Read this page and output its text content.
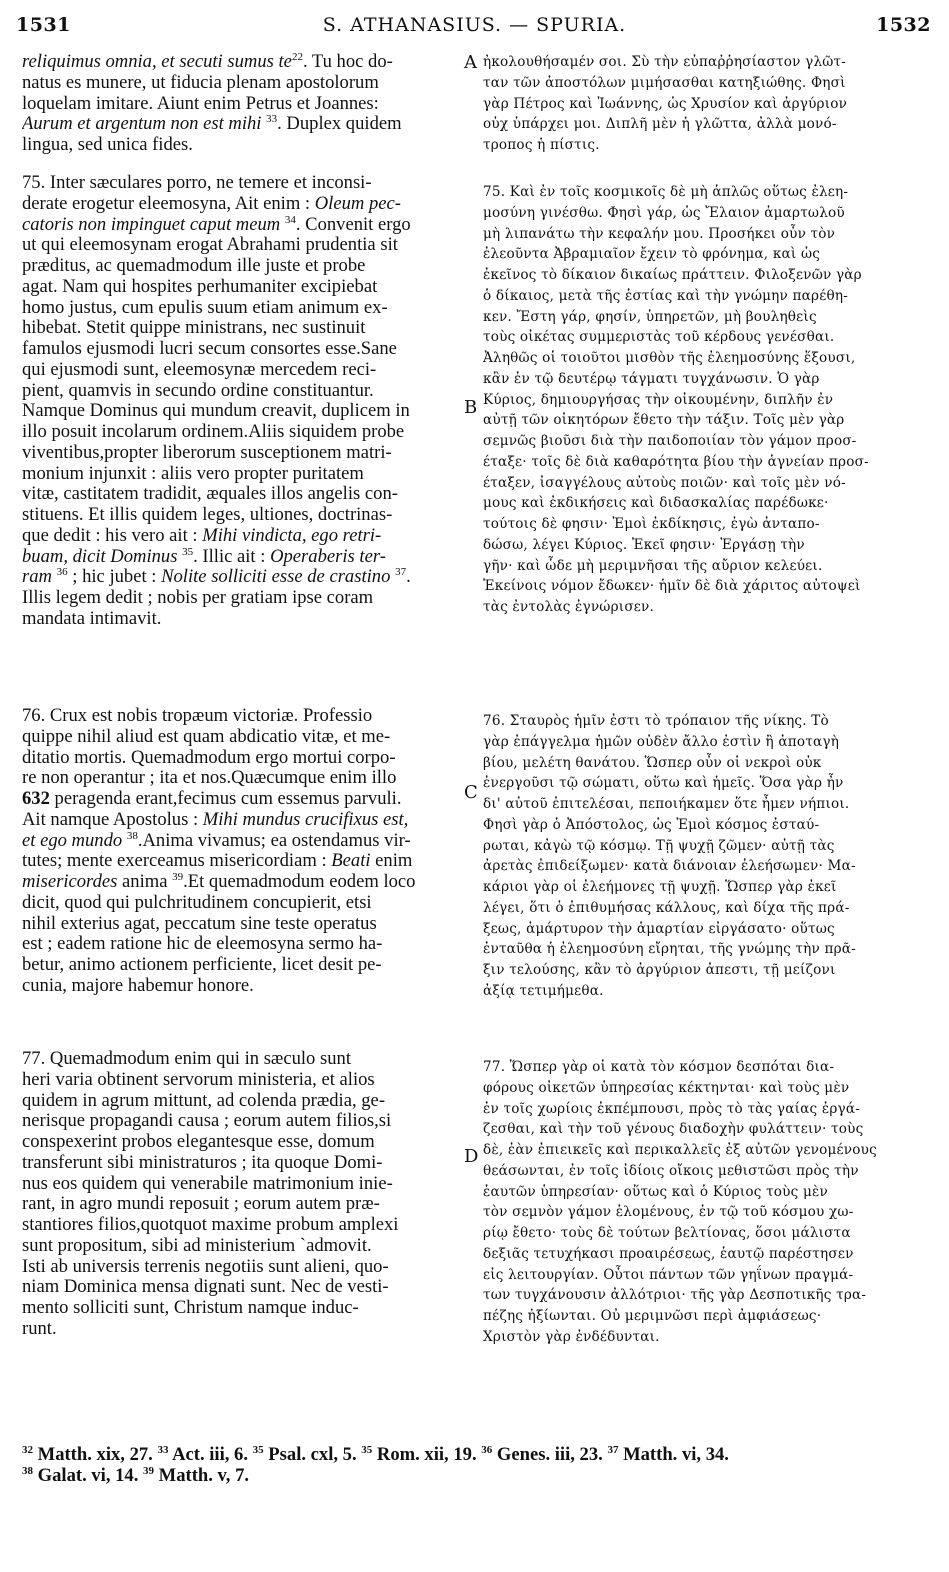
1531	S. ATHANASIUS. — SPURIA.	1532
reliquimus omnia, et secuti sumus $te^{22}$. Tu hoc do-
natus es munere, ut fiducia plenam apostolorum
loquelam imitare. Aiunt enim Petrus et Joannes:
Aurum et argentum non est mihi $^{33}$. Duplex quidem
lingua, sed unica fides.
ἠκολουθήσαμέν σοι. Σὺ τὴν εὐπαῤῥησίαστον γλῶτ-
ταν τῶν ἀποστόλων μιμήσασθαι κατηξιώθης. Φησὶ
γὰρ Πέτρος καὶ Ἰωάννης, ὡς Χρυσίον καὶ ἀργύριον
οὐχ ὑπάρχει μοι. Διπλῆ μὲν ἡ γλῶττα, ἀλλὰ μονό-
τροπος ἡ πίστις.
75. Inter sæculares porro, ne temere et inconsi-
derate erogetur eleemosyna, Ait enim : Oleum pec-
catoris non impinguet caput meum $^{34}$. Convenit ergo
ut qui eleemosynam erogat Abrahami prudentia sit
præditus, ac quemadmodum ille juste et probe
agat. Nam qui hospites perhumaniter excipiebat
homo justus, cum epulis suum etiam animum ex-
hibebat. Stetit quippe ministrans, nec sustinuit
famulos ejusmodi lucri secum consortes esse.Sane
qui ejusmodi sunt, eleemosynæ mercedem reci-
pient, quamvis in secundo ordine constituantur.
Namque Dominus qui mundum creavit, duplicem in
illo posuit incolarum ordinem.Aliis siquidem probe
viventibus,propter liberorum susceptionem matri-
monium injunxit : aliis vero propter puritatem
vitæ, castitatem tradidit, æquales illos angelis con-
stituens. Et illis quidem leges, ultiones, doctrinas-
que dedit : his vero ait : Mihi vindicta, ego retri-
buam, dicit Dominus $^{35}$. Illic ait : Operaberis ter-
ram $^{36}$ ; hic jubet : Nolite solliciti esse de crastino $^{37}$.
Illis legem dedit ; nobis per gratiam ipse coram
mandata intimavit.
75. Καὶ ἐν τοῖς κοσμικοῖς δὲ μὴ ἁπλῶς οὕτως ἐλεη-
μοσύνη γινέσθω. Φησὶ γάρ, ὡς Ἔλαιον ἁμαρτωλοῦ
μὴ λιπανάτω τὴν κεφαλήν μου. Προσήκει οὖν τὸν
ἐλεοῦντα Ἀβραμιαῖον ἔχειν τὸ φρόνημα, καὶ ὡς
ἐκεῖνος τὸ δίκαιον δικαίως πράττειν. Φιλοξενῶν γὰρ
ὁ δίκαιος, μετὰ τῆς ἑστίας καὶ τὴν γνώμην παρέθη-
κεν. Ἔστη γάρ, φησίν, ὑπηρετῶν, μὴ βουληθεὶς
τοὺς οἰκέτας συμμεριστὰς τοῦ κέρδους γενέσθαι.
Ἀληθῶς οἱ τοιοῦτοι μισθὸν τῆς ἐλεημοσύνης ἕξουσι,
κἂν ἐν τῷ δευτέρῳ τάγματι τυγχάνωσιν. Ὁ γὰρ
Κύριος, δημιουργήσας τὴν οἰκουμένην, διπλῆν ἐν
αὐτῇ τῶν οἰκητόρων ἔθετο τὴν τάξιν. Τοῖς μὲν γὰρ
σεμνῶς βιοῦσι διὰ τὴν παιδοποιίαν τὸν γάμον προσ-
έταξε· τοῖς δὲ διὰ καθαρότητα βίου τὴν ἁγνείαν προσ-
έταξεν, ἰσαγγέλους αὐτοὺς ποιῶν· καὶ τοῖς μὲν νό-
μους καὶ ἐκδικήσεις καὶ διδασκαλίας παρέδωκε·
τούτοις δὲ φησιν· Ἐμοὶ ἐκδίκησις, ἐγὼ ἀνταπο-
δώσω, λέγει Κύριος. Ἐκεῖ φησιν· Ἐργάσῃ τὴν
γῆν· καὶ ὧδε μὴ μεριμνῆσαι τῆς αὔριον κελεύει.
Ἐκείνοις νόμον ἔδωκεν· ἡμῖν δὲ διὰ χάριτος αὐτοψεὶ
τὰς ἐντολὰς ἐγνώρισεν.
76. Crux est nobis tropæum victoriæ. Professio
quippe nihil aliud est quam abdicatio vitæ, et me-
ditatio mortis. Quemadmodum ergo mortui corpo-
re non operantur ; ita et nos.Quæcumque enim illo
632 peragenda erant,fecimus cum essemus parvuli.
Ait namque Apostolus : Mihi mundus crucifixus est,
et ego mundo $^{38}$.Anima vivamus; ea ostendamus vir-
tutes; mente exerceamus misericordiam : Beati enim
misericordes anima $^{39}$.Et quemadmodum eodem loco
dicit, quod qui pulchritudinem concupierit, etsi
nihil exterius agat, peccatum sine teste operatus
est ; eadem ratione hic de eleemosyna sermo ha-
betur, animo actionem perficiente, licet desit pe-
cunia, majore habemur honore.
76. Σταυρὸς ἡμῖν ἐστι τὸ τρόπαιον τῆς νίκης. Τὸ
γὰρ ἐπάγγελμα ἡμῶν οὐδὲν ἄλλο ἐστὶν ἢ ἀποταγὴ
βίου, μελέτη θανάτου. Ὥσπερ οὖν οἱ νεκροὶ οὐκ
ἐνεργοῦσι τῷ σώματι, οὕτω καὶ ἡμεῖς. Ὅσα γὰρ ἦν
δι' αὐτοῦ ἐπιτελέσαι, πεποιήκαμεν ὅτε ἦμεν νήπιοι.
Φησὶ γὰρ ὁ Ἀπόστολος, ὡς Ἐμοὶ κόσμος ἐσταύ-
ρωται, κἀγὼ τῷ κόσμῳ. Τῇ ψυχῇ ζῶμεν· αὐτῇ τὰς
ἀρετὰς ἐπιδείξωμεν· κατὰ διάνοιαν ἐλεήσωμεν· Μα-
κάριοι γὰρ οἱ ἐλεήμονες τῇ ψυχῇ. Ὥσπερ γὰρ ἐκεῖ
λέγει, ὅτι ὁ ἐπιθυμήσας κάλλους, καὶ δίχα τῆς πρά-
ξεως, ἁμάρτυρον τὴν ἁμαρτίαν εἰργάσατο· οὕτως
ἐνταῦθα ἡ ἐλεημοσύνη εἴρηται, τῆς γνώμης τὴν πρᾶ-
ξιν τελούσης, κἂν τὸ ἀργύριον ἀπεστι, τῇ μείζονι
ἀξίᾳ τετιμήμεθα.
77. Quemadmodum enim qui in sæculo sunt
heri varia obtinent servorum ministeria, et alios
quidem in agrum mittunt, ad colenda prædia, ge-
nerisque propagandi causa ; eorum autem filios,si
conspexerint probos elegantesque esse, domum
transferunt sibi ministraturos ; ita quoque Domi-
nus eos quidem qui venerabile matrimonium inie-
rant, in agro mundi reposuit ; eorum autem præ-
stantiores filios,quotquot maxime probum amplexi
sunt propositum, sibi ad ministerium `admovit.
Isti ab universis terrenis negotiis sunt alieni, quo-
niam Dominica mensa dignati sunt. Nec de vesti-
mento solliciti sunt, Christum namque induc-
runt.
77. Ὥσπερ γὰρ οἱ κατὰ τὸν κόσμον δεσπόται δια-
φόρους οἰκετῶν ὑπηρεσίας κέκτηνται· καὶ τοὺς μὲν
ἐν τοῖς χωρίοις ἐκπέμπουσι, πρὸς τὸ τὰς γαίας ἐργά-
ζεσθαι, καὶ τὴν τοῦ γένους διαδοχὴν φυλάττειν· τοὺς
δὲ, ἐὰν ἐπιεικεῖς καὶ περικαλλεῖς ἐξ αὐτῶν γενομένους
θεάσωνται, ἐν τοῖς ἰδίοις οἴκοις μεθιστῶσι πρὸς τὴν
ἑαυτῶν ὑπηρεσίαν· οὕτως καὶ ὁ Κύριος τοὺς μὲν
τὸν σεμνὸν γάμον ἑλομένους, ἐν τῷ τοῦ κόσμου χω-
ρίῳ ἔθετο· τοὺς δὲ τούτων βελτίονας, ὅσοι μάλιστα
δεξιᾶς τετυχήκασι προαιρέσεως, ἑαυτῷ παρέστησεν
εἰς λειτουργίαν. Οὗτοι πάντων τῶν γηΐνων πραγμά-
των τυγχάνουσιν ἀλλότριοι· τῆς γὰρ Δεσποτικῆς τρα-
πέζης ἠξίωνται. Οὐ μεριμνῶσι περὶ ἀμφιάσεως·
Χριστὸν γὰρ ἐνδέδυνται.
A
B
C
D
$^{32}$ Matth. xix, 27. $^{33}$ Act. iii, 6. $^{35}$ Psal. cxl, 5. $^{35}$ Rom. xii, 19. $^{36}$ Genes. iii, 23. $^{37}$ Matth. vi, 34.
$^{38}$ Galat. vi, 14. $^{39}$ Matth. v, 7.
